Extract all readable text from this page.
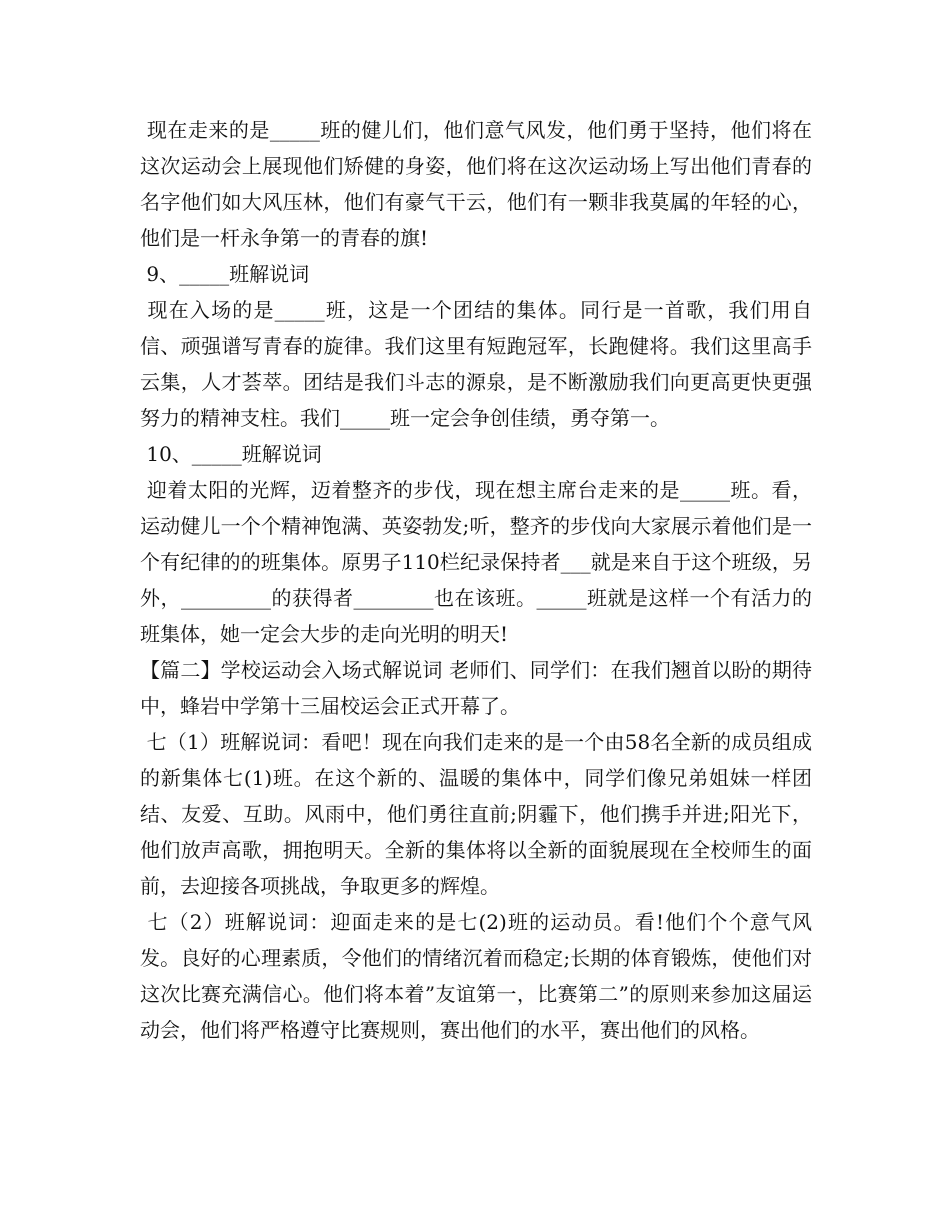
现在走来的是_____班的健儿们，他们意气风发，他们勇于坚持，他们将在这次运动会上展现他们矫健的身姿，他们将在这次运动场上写出他们青春的名字他们如大风压林，他们有豪气干云，他们有一颗非我莫属的年轻的心，他们是一杆永争第一的青春的旗!

9、_____班解说词

现在入场的是_____班，这是一个团结的集体。同行是一首歌，我们用自信、顽强谱写青春的旋律。我们这里有短跑冠军，长跑健将。我们这里高手云集，人才荟萃。团结是我们斗志的源泉，是不断激励我们向更高更快更强努力的精神支柱。我们_____班一定会争创佳绩，勇夺第一。

10、_____班解说词

迎着太阳的光辉，迈着整齐的步伐，现在想主席台走来的是_____班。看，运动健儿一个个精神饱满、英姿勃发;听，整齐的步伐向大家展示着他们是一个有纪律的的班集体。原男子110栏纪录保持者___就是来自于这个班级，另外，_________的获得者________也在该班。_____班就是这样一个有活力的班集体，她一定会大步的走向光明的明天!

【篇二】学校运动会入场式解说词 老师们、同学们：在我们翘首以盼的期待中，蜂岩中学第十三届校运会正式开幕了。

七（1）班解说词：看吧！现在向我们走来的是一个由58名全新的成员组成的新集体七(1)班。在这个新的、温暖的集体中，同学们像兄弟姐妹一样团结、友爱、互助。风雨中，他们勇往直前;阴霾下，他们携手并进;阳光下，他们放声高歌，拥抱明天。全新的集体将以全新的面貌展现在全校师生的面前，去迎接各项挑战，争取更多的辉煌。

七（2）班解说词：迎面走来的是七(2)班的运动员。看!他们个个意气风发。良好的心理素质，令他们的情绪沉着而稳定;长期的体育锻炼，使他们对这次比赛充满信心。他们将本着”友谊第一，比赛第二”的原则来参加这届运动会，他们将严格遵守比赛规则，赛出他们的水平，赛出他们的风格。
